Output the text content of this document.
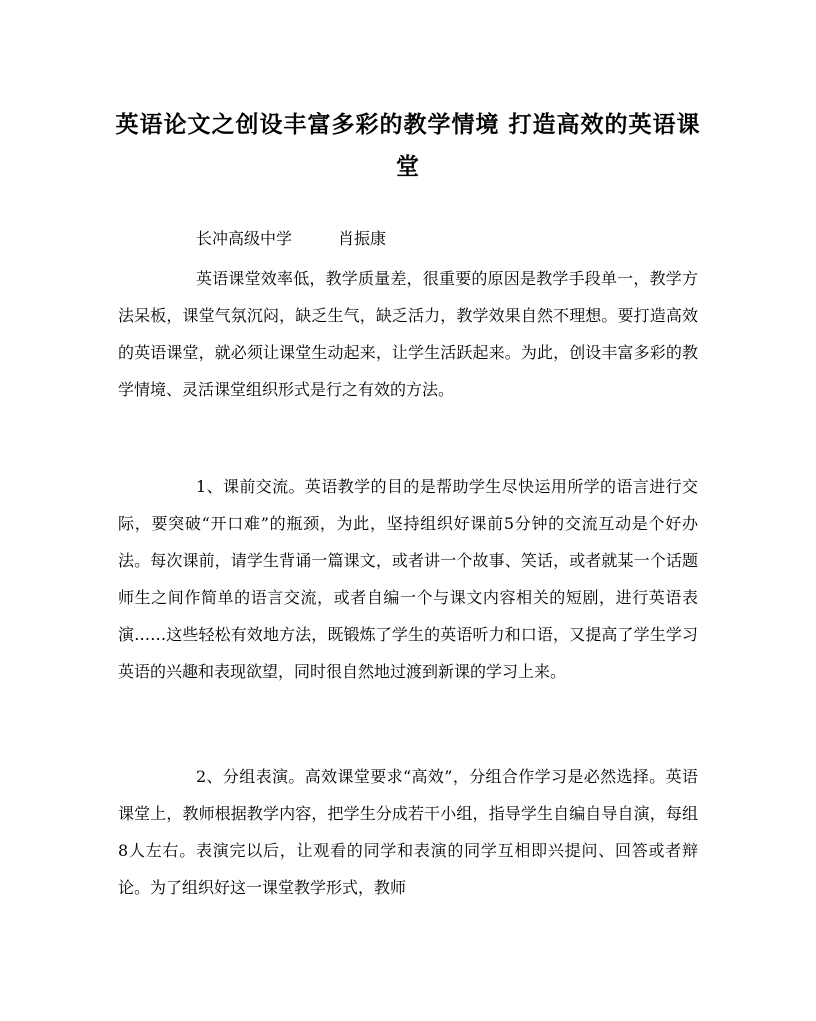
英语论文之创设丰富多彩的教学情境 打造高效的英语课堂
长冲高级中学	肖振康

英语课堂效率低，教学质量差，很重要的原因是教学手段单一，教学方法呆板，课堂气氛沉闷，缺乏生气，缺乏活力，教学效果自然不理想。要打造高效的英语课堂，就必须让课堂生动起来，让学生活跃起来。为此，创设丰富多彩的教学情境、灵活课堂组织形式是行之有效的方法。

1、课前交流。英语教学的目的是帮助学生尽快运用所学的语言进行交际，要突破“开口难”的瓶颈，为此，坚持组织好课前5分钟的交流互动是个好办法。每次课前，请学生背诵一篇课文，或者讲一个故事、笑话，或者就某一个话题师生之间作简单的语言交流，或者自编一个与课文内容相关的短剧，进行英语表演……这些轻松有效地方法，既锻炼了学生的英语听力和口语，又提高了学生学习英语的兴趣和表现欲望，同时很自然地过渡到新课的学习上来。

2、分组表演。高效课堂要求“高效”，分组合作学习是必然选择。英语课堂上，教师根据教学内容，把学生分成若干小组，指导学生自编自导自演，每组8人左右。表演完以后，让观看的同学和表演的同学互相即兴提问、回答或者辩论。为了组织好这一课堂教学形式，教师
